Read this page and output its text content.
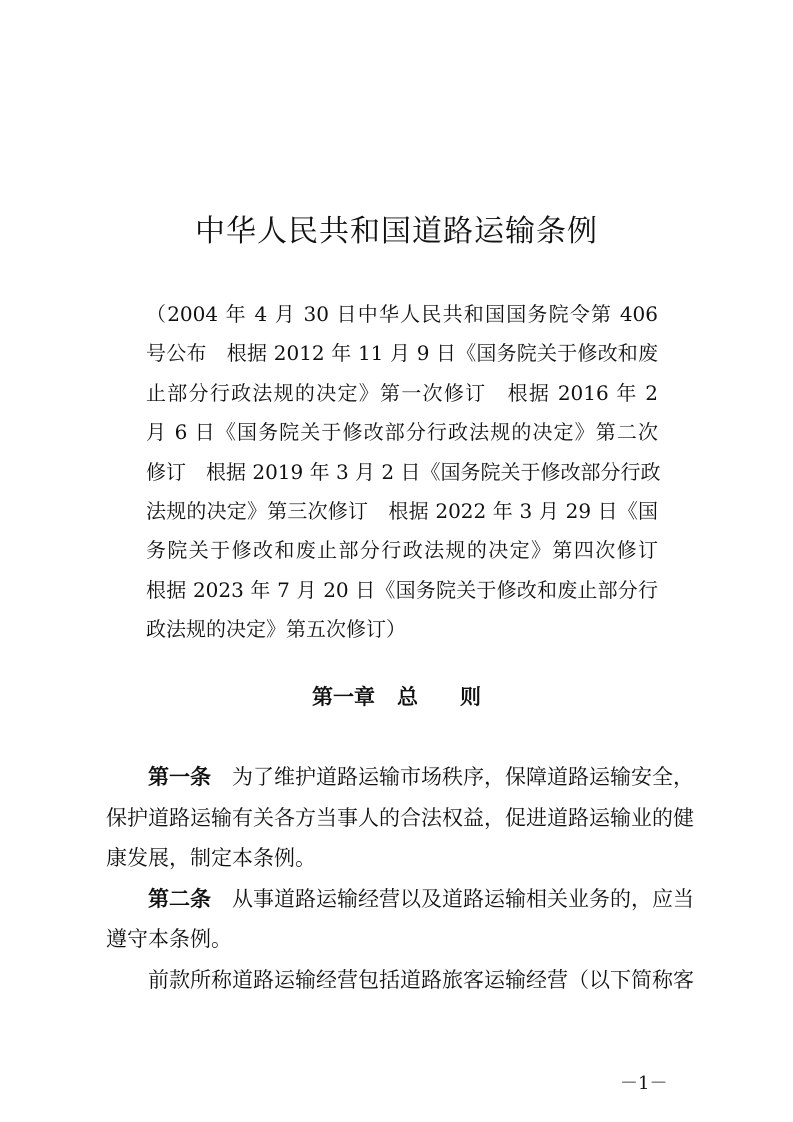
中华人民共和国道路运输条例
（2004 年 4 月 30 日中华人民共和国国务院令第 406
号公布　根据 2012 年 11 月 9 日《国务院关于修改和废
止部分行政法规的决定》第一次修订　根据 2016 年 2
月 6 日《国务院关于修改部分行政法规的决定》第二次
修订　根据 2019 年 3 月 2 日《国务院关于修改部分行政
法规的决定》第三次修订　根据 2022 年 3 月 29 日《国
务院关于修改和废止部分行政法规的决定》第四次修订
根据 2023 年 7 月 20 日《国务院关于修改和废止部分行
政法规的决定》第五次修订）
第一章 总 则
第一条　 为了维护道路运输市场秩序，保障道路运输安全，
保护道路运输有关各方当事人的合法权益，促进道路运输业的健
康发展，制定本条例。
第二条　 从事道路运输经营以及道路运输相关业务的，应当
遵守本条例。
前款所称道路运输经营包括道路旅客运输经营（以下简称客
－1－
